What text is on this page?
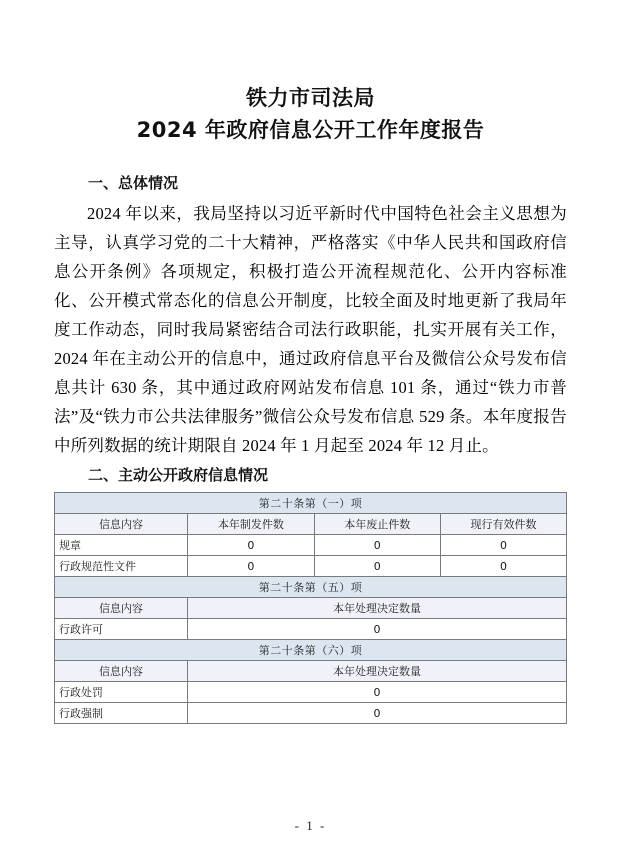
铁力市司法局
2024 年政府信息公开工作年度报告
一、总体情况

2024 年以来，我局坚持以习近平新时代中国特色社会主义思想为主导，认真学习党的二十大精神，严格落实《中华人民共和国政府信息公开条例》各项规定，积极打造公开流程规范化、公开内容标准化、公开模式常态化的信息公开制度，比较全面及时地更新了我局年度工作动态，同时我局紧密结合司法行政职能，扎实开展有关工作，2024 年在主动公开的信息中，通过政府信息平台及微信公众号发布信息共计 630 条，其中通过政府网站发布信息 101 条，通过“铁力市普法”及“铁力市公共法律服务”微信公众号发布信息 529 条。本年度报告中所列数据的统计期限自 2024 年 1 月起至 2024 年 12 月止。

二、主动公开政府信息情况
第二十条第（一）项			
信息内容	本年制发件数	本年废止件数	现行有效件数
规章	0	0	0
行政规范性文件	0	0	0
第二十条第（五）项			
信息内容	本年处理决定数量		
行政许可	0		
第二十条第（六）项			
信息内容	本年处理决定数量		
行政处罚	0		
行政强制	0		
- 1 -
